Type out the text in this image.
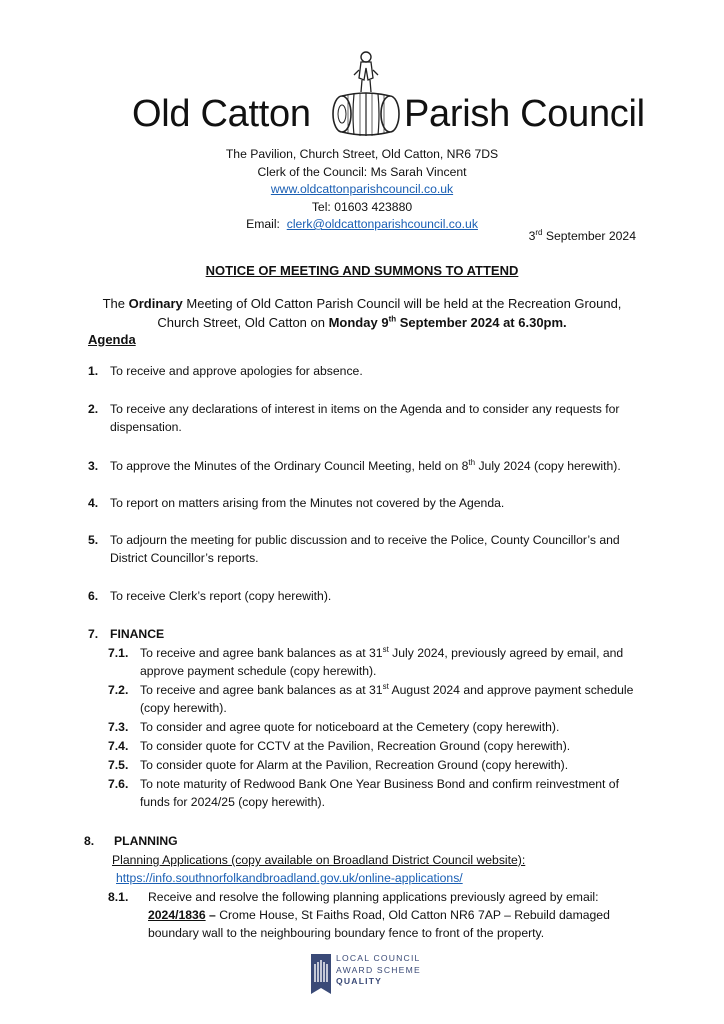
Old Catton Parish Council
The Pavilion, Church Street, Old Catton, NR6 7DS
Clerk of the Council: Ms Sarah Vincent
www.oldcattonparishcouncil.co.uk
Tel: 01603 423880
Email: clerk@oldcattonparishcouncil.co.uk
3rd September 2024
NOTICE OF MEETING AND SUMMONS TO ATTEND
The Ordinary Meeting of Old Catton Parish Council will be held at the Recreation Ground,
Church Street, Old Catton on Monday 9th September 2024 at 6.30pm.
Agenda
1. To receive and approve apologies for absence.
2. To receive any declarations of interest in items on the Agenda and to consider any requests for dispensation.
3. To approve the Minutes of the Ordinary Council Meeting, held on 8th July 2024 (copy herewith).
4. To report on matters arising from the Minutes not covered by the Agenda.
5. To adjourn the meeting for public discussion and to receive the Police, County Councillor’s and District Councillor’s reports.
6. To receive Clerk’s report (copy herewith).
7. FINANCE
7.1. To receive and agree bank balances as at 31st July 2024, previously agreed by email, and approve payment schedule (copy herewith).
7.2. To receive and agree bank balances as at 31st August 2024 and approve payment schedule (copy herewith).
7.3. To consider and agree quote for noticeboard at the Cemetery (copy herewith).
7.4. To consider quote for CCTV at the Pavilion, Recreation Ground (copy herewith).
7.5. To consider quote for Alarm at the Pavilion, Recreation Ground (copy herewith).
7.6. To note maturity of Redwood Bank One Year Business Bond and confirm reinvestment of funds for 2024/25 (copy herewith).
8. PLANNING
Planning Applications (copy available on Broadland District Council website):
https://info.southnorfolkandbroadland.gov.uk/online-applications/
8.1. Receive and resolve the following planning applications previously agreed by email:
2024/1836 – Crome House, St Faiths Road, Old Catton NR6 7AP – Rebuild damaged boundary wall to the neighbouring boundary fence to front of the property.
LOCAL COUNCIL
AWARD SCHEME
QUALITY
